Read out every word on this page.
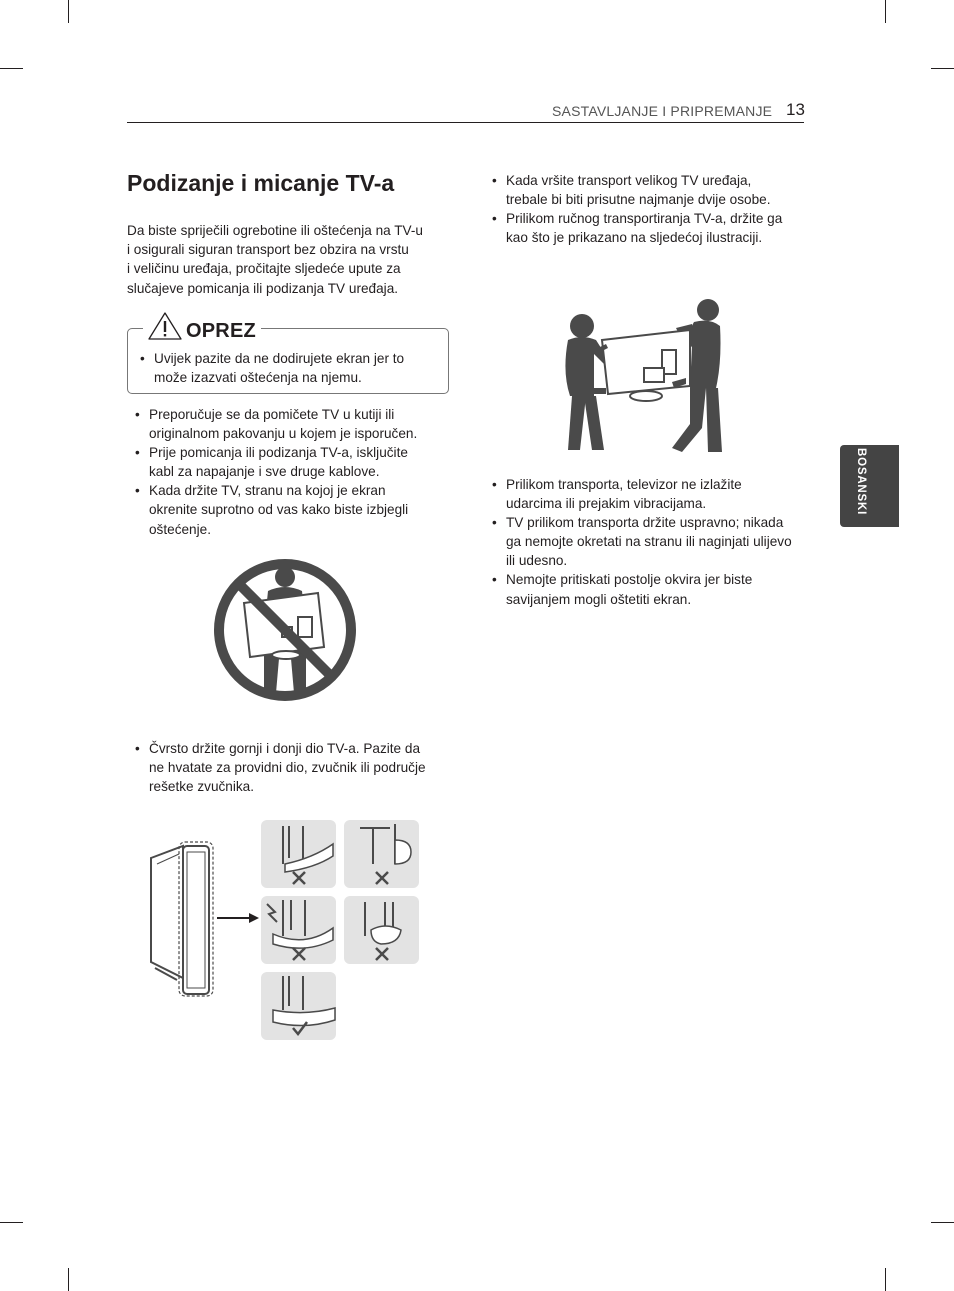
SASTAVLJANJE I PRIPREMANJE 13
BOSANSKI
Podizanje i micanje TV-a
Da biste spriječili ogrebotine ili oštećenja na TV-u
i osigurali siguran transport bez obzira na vrstu
i veličinu uređaja, pročitajte sljedeće upute za
slučajeve pomicanja ili podizanja TV uređaja.
OPREZ
• Uvijek pazite da ne dodirujete ekran jer to
može izazvati oštećenja na njemu.
• Preporučuje se da pomičete TV u kutiji ili
originalnom pakovanju u kojem je isporučen.
• Prije pomicanja ili podizanja TV-a, isključite
kabl za napajanje i sve druge kablove.
• Kada držite TV, stranu na kojoj je ekran
okrenite suprotno od vas kako biste izbjegli
oštećenje.
• Čvrsto držite gornji i donji dio TV-a. Pazite da
ne hvatate za providni dio, zvučnik ili područje
rešetke zvučnika.
• Kada vršite transport velikog TV uređaja,
trebale bi biti prisutne najmanje dvije osobe.
• Prilikom ručnog transportiranja TV-a, držite ga
kao što je prikazano na sljedećoj ilustraciji.
• Prilikom transporta, televizor ne izlažite
udarcima ili prejakim vibracijama.
• TV prilikom transporta držite uspravno; nikada
ga nemojte okretati na stranu ili naginjati ulijevo
ili udesno.
• Nemojte pritiskati postolje okvira jer biste
savijanjem mogli oštetiti ekran.
